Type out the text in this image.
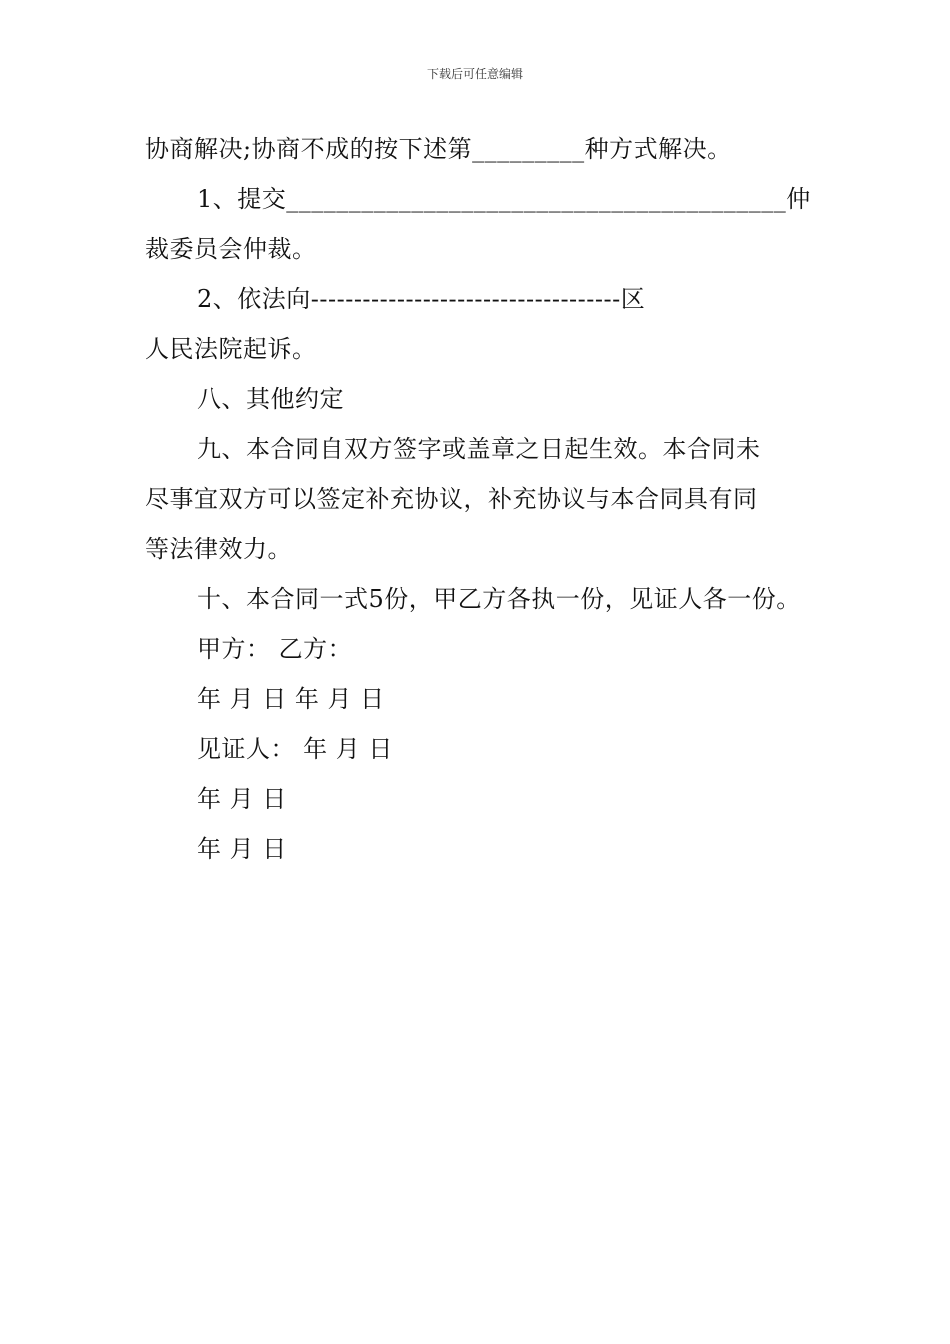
下载后可任意编辑
协商解决;协商不成的按下述第_________种方式解决。
1、提交________________________________________仲
裁委员会仲裁。
2、依法向------------------------------------区
人民法院起诉。
八、其他约定
九、本合同自双方签字或盖章之日起生效。本合同未
尽事宜双方可以签定补充协议，补充协议与本合同具有同
等法律效力。
十、本合同一式5份，甲乙方各执一份，见证人各一份。
甲方： 乙方：
年 月 日 年 月 日
见证人： 年 月 日
年 月 日
年 月 日
